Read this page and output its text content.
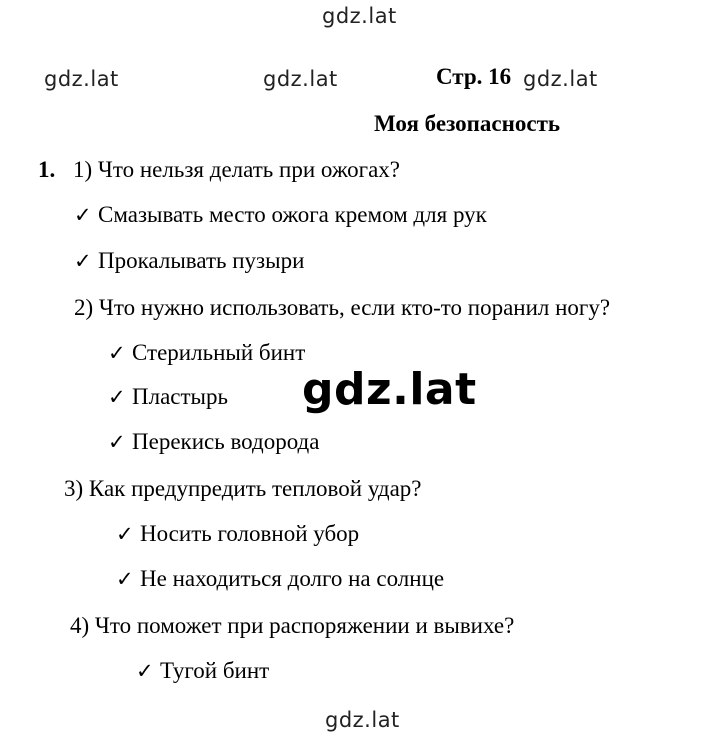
gdz.lat
gdz.lat	gdz.lat	Стр. 16 gdz.lat
Моя безопасность
1. 1) Что нельзя делать при ожогах?
✓ Смазывать место ожога кремом для рук
✓ Прокалывать пузыри
2) Что нужно использовать, если кто-то поранил ногу?
✓ Стерильный бинт
✓ Пластырь
✓ Перекись водорода
gdz.lat
3) Как предупредить тепловой удар?
✓ Носить головной убор
✓ Не находиться долго на солнце
4) Что поможет при распоряжении и вывихе?
✓ Тугой бинт
gdz.lat
